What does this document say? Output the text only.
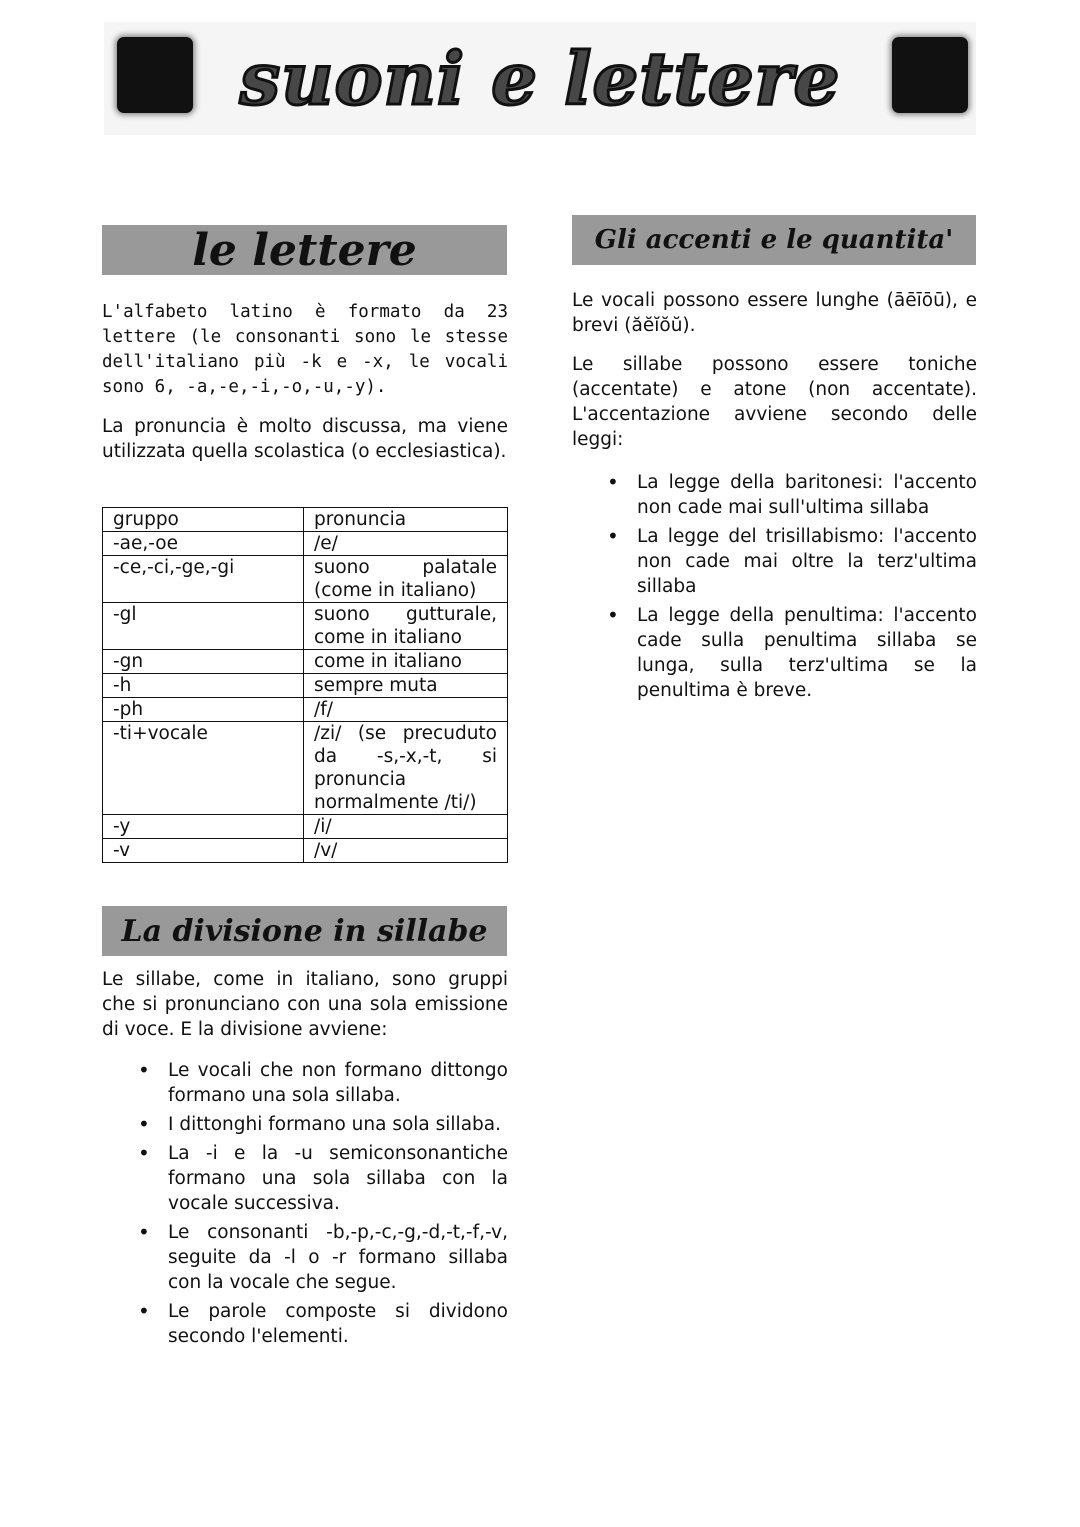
suoni e lettere
le lettere

L'alfabeto latino è formato da 23 lettere (le consonanti sono le stesse dell'italiano più -k e -x, le vocali sono 6, -a,-e,-i,-o,-u,-y).

La pronuncia è molto discussa, ma viene utilizzata quella scolastica (o ecclesiastica).

gruppo	pronuncia
-ae,-oe	/e/
-ce,-ci,-ge,-gi	suono palatale (come in italiano)
-gl	suono gutturale, come in italiano
-gn	come in italiano
-h	sempre muta
-ph	/f/
-ti+vocale	/zi/ (se precuduto da -s,-x,-t, si pronuncia normalmente /ti/)
-y	/i/
-v	/v/
La divisione in sillabe

Le sillabe, come in italiano, sono gruppi che si pronunciano con una sola emissione di voce. E la divisione avviene:

• Le vocali che non formano dittongo formano una sola sillaba.
• I dittonghi formano una sola sillaba.
• La -i e la -u semiconsonantiche formano una sola sillaba con la vocale successiva.
• Le consonanti -b,-p,-c,-g,-d,-t,-f,-v, seguite da -l o -r formano sillaba con la vocale che segue.
• Le parole composte si dividono secondo l'elementi.
Gli accenti e le quantita'

Le vocali possono essere lunghe (āēīōū), e brevi (ăĕĭŏŭ).

Le sillabe possono essere toniche (accentate) e atone (non accentate). L'accentazione avviene secondo delle leggi:

• La legge della baritonesi: l'accento non cade mai sull'ultima sillaba
• La legge del trisillabismo: l'accento non cade mai oltre la terz'ultima sillaba
• La legge della penultima: l'accento cade sulla penultima sillaba se lunga, sulla terz'ultima se la penultima è breve.
